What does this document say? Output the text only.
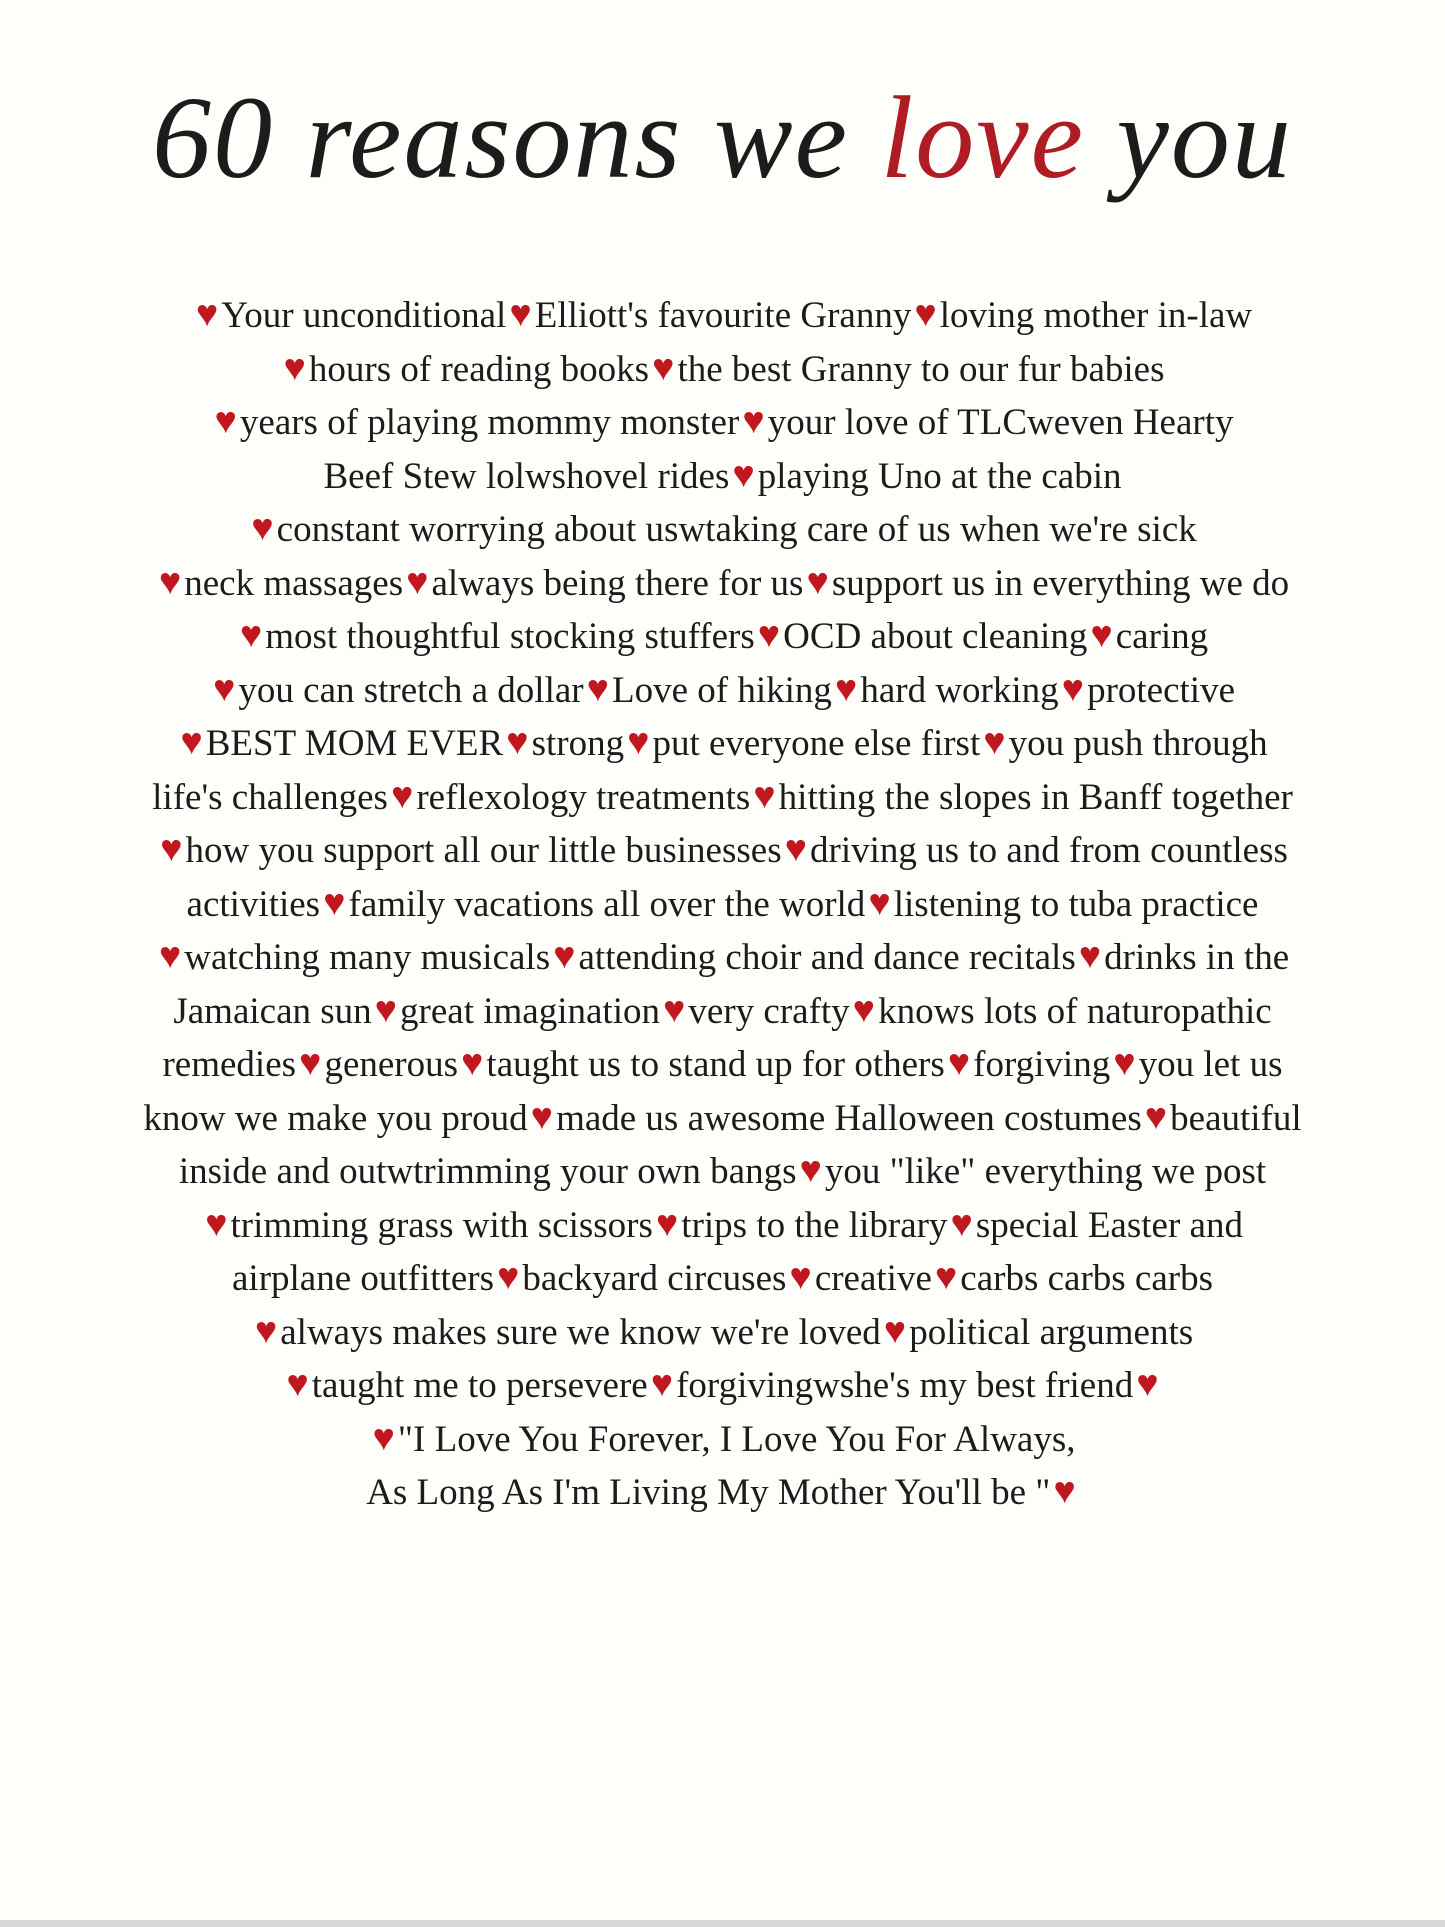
60 reasons we love you
♥Your unconditional♥Elliott's favourite Granny♥loving mother in-law
♥hours of reading books♥the best Granny to our fur babies
♥years of playing mommy monster♥your love of TLCweven Hearty
Beef Stew lolwshovel rides♥playing Uno at the cabin
♥constant worrying about uswtaking care of us when we're sick
♥neck massages♥always being there for us♥support us in everything we do
♥most thoughtful stocking stuffers♥OCD about cleaning♥caring
♥you can stretch a dollar♥Love of hiking♥hard working♥protective
♥BEST MOM EVER♥strong♥put everyone else first♥you push through
life's challenges♥reflexology treatments♥hitting the slopes in Banff together
♥how you support all our little businesses♥driving us to and from countless
activities♥family vacations all over the world♥listening to tuba practice
♥watching many musicals♥attending choir and dance recitals♥drinks in the
Jamaican sun♥great imagination♥very crafty♥knows lots of naturopathic
remedies♥generous♥taught us to stand up for others♥forgiving♥you let us
know we make you proud♥made us awesome Halloween costumes♥beautiful
inside and outwtrimming your own bangs♥you "like" everything we post
♥trimming grass with scissors♥trips to the library♥special Easter and
airplane outfitters♥backyard circuses♥creative♥carbs carbs carbs
♥always makes sure we know we're loved♥political arguments
♥taught me to persevere♥forgivingwshe's my best friend♥
♥"I Love You Forever, I Love You For Always,
As Long As I'm Living My Mother You'll be "♥
